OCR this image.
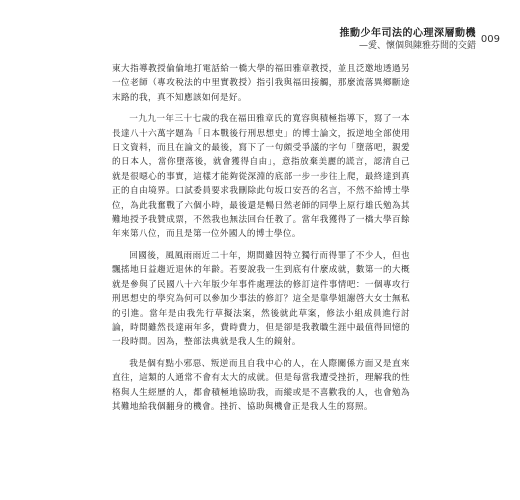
推動少年司法的心理深層動機
—愛、懷個與陳雅芬間的交錯
009

東大指導教授倫倫地打電話給一橋大學的福田雅章教授，並且泛邀地透過另一位老師（專攻稅法的中里實教授）指引我與福田接觸，那麼流落異鄉斷途末路的我，真不知應該如何是好。

一九九一年三十七歲的我在福田雅章氏的寬容與積極指導下，寫了一本長達八十六萬字題為「日本戰後行刑思想史」的博士論文，扳逆地全部使用日文資料，而且在論文的最後，寫下了一句頗受爭議的字句「墮落吧，親愛的日本人，當你墮落後，就會獲得自由」，意指放棄美麗的謊言，認清自己就是很噁心的事實，這樣才能夠從深淵的底部一步一步往上爬，最終達到真正的自由境界。口試委員要求我刪除此句坂口安吾的名言，不然不給博士學位，為此我奮戰了六個小時，最後還是暢日然老師的同學上原行雄氏勉為其難地授予我贊成票，不然我也無法回台任教了。當年我獲得了一橋大學百餘年來第八位，而且是第一位外國人的博士學位。

回國後，風風雨雨近二十年，期間雖因特立獨行而得罪了不少人，但也飄搖地日益趨近退休的年齡。若要說我一生到底有什麼成就，數第一的大概就是參與了民國八十六年版少年事件處理法的修訂這件事情吧：一個專攻行刑思想史的學究為何可以參加少事法的修訂？這全是靠學姐謝啓大女士無私的引進。當年是由我先行草擬法案，然後就此草案，修法小組成員進行討論，時間雖然長達兩年多，費時費力，但是卻是我教職生涯中最值得回憶的一段時間。因為，整部法典就是我人生的鏡射。

我是個有點小邪惡、叛逆而且自我中心的人，在人際關係方面又是直來直往，這類的人通常不會有太大的成就。但是每當我遭受挫折，理解我的性格與人生經歷的人，都會積極地協助我，而縱或是不喜歡我的人，也會勉為其難地給我個翻身的機會。挫折、協助與機會正是我人生的寫照。
